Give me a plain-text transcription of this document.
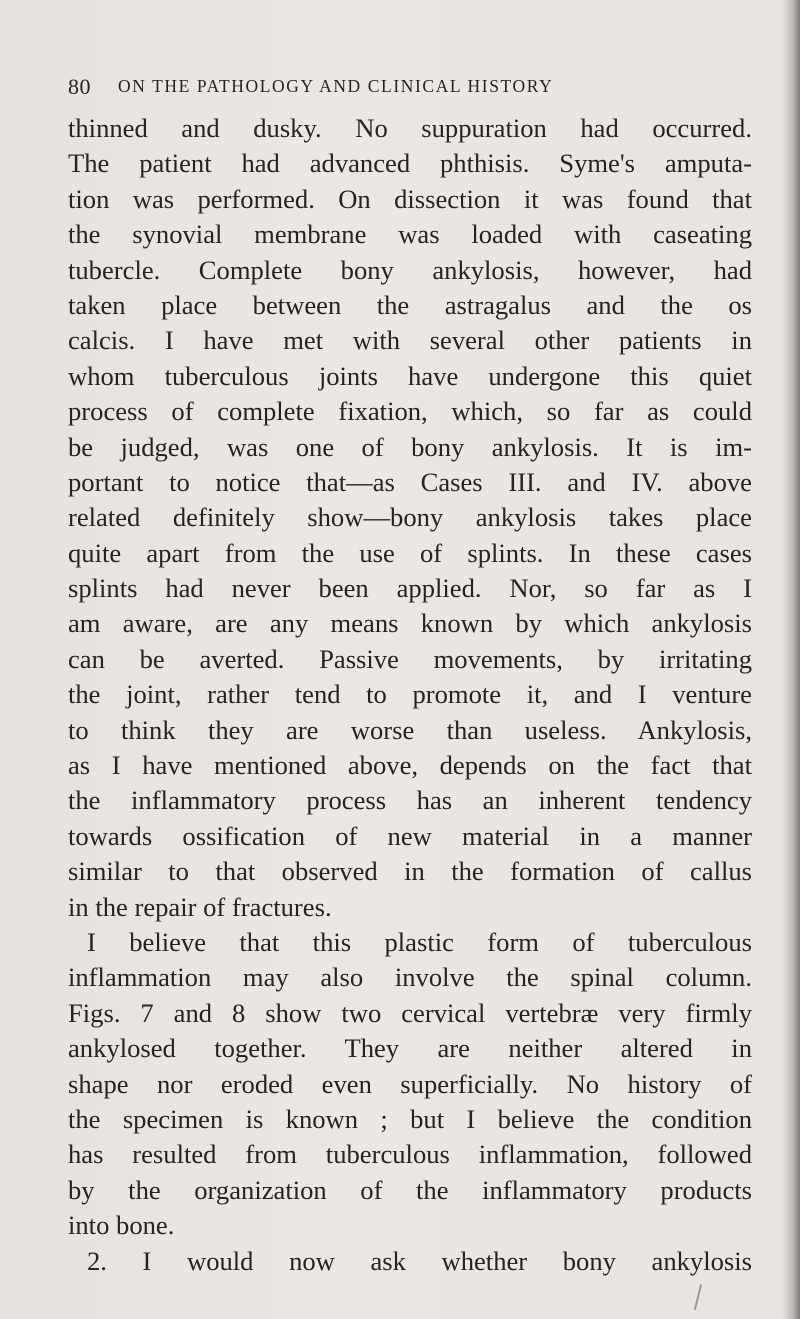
80 ON THE PATHOLOGY AND CLINICAL HISTORY
thinned and dusky. No suppuration had occurred.
The patient had advanced phthisis. Syme's amputa-
tion was performed. On dissection it was found that
the synovial membrane was loaded with caseating
tubercle. Complete bony ankylosis, however, had
taken place between the astragalus and the os
calcis. I have met with several other patients in
whom tuberculous joints have undergone this quiet
process of complete fixation, which, so far as could
be judged, was one of bony ankylosis. It is im-
portant to notice that—as Cases III. and IV. above
related definitely show—bony ankylosis takes place
quite apart from the use of splints. In these cases
splints had never been applied. Nor, so far as I
am aware, are any means known by which ankylosis
can be averted. Passive movements, by irritating
the joint, rather tend to promote it, and I venture
to think they are worse than useless. Ankylosis,
as I have mentioned above, depends on the fact that
the inflammatory process has an inherent tendency
towards ossification of new material in a manner
similar to that observed in the formation of callus
in the repair of fractures.
I believe that this plastic form of tuberculous
inflammation may also involve the spinal column.
Figs. 7 and 8 show two cervical vertebræ very firmly
ankylosed together. They are neither altered in
shape nor eroded even superficially. No history of
the specimen is known ; but I believe the condition
has resulted from tuberculous inflammation, followed
by the organization of the inflammatory products
into bone.
2. I would now ask whether bony ankylosis
